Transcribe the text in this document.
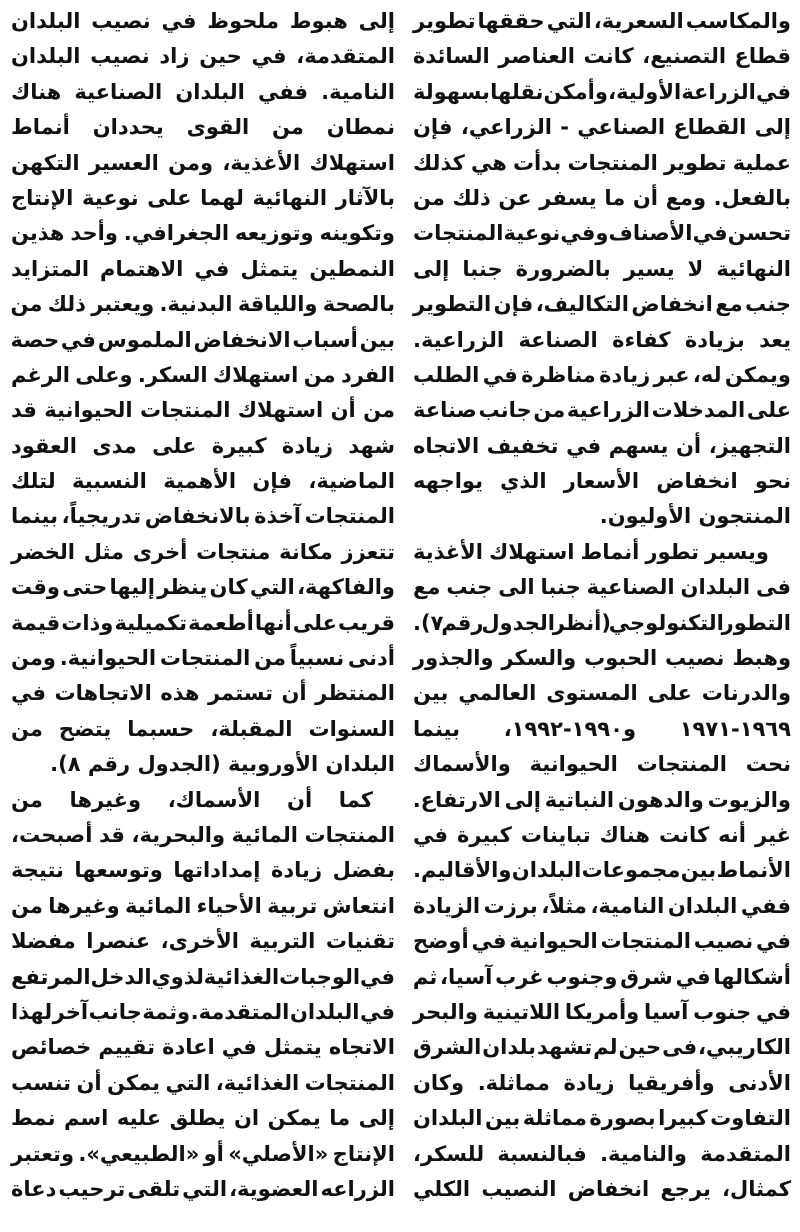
والمكاسب السعرية، التي حققها تطوير
قطاع التصنيع، كانت العناصر السائدة
في الزراعة الأولية، وأمكن نقلها بسهولة
إلى القطاع الصناعي - الزراعي، فإن
عملية تطوير المنتجات بدأت هي كذلك
بالفعل. ومع أن ما يسفر عن ذلك من
تحسن في الأصناف وفي نوعية المنتجات
النهائية لا يسير بالضرورة جنبا إلى
جنب مع انخفاض التكاليف، فإن التطوير
يعد بزيادة كفاءة الصناعة الزراعية.
ويمكن له، عبر زيادة مناظرة في الطلب
على المدخلات الزراعية من جانب صناعة
التجهيز، أن يسهم في تخفيف الاتجاه
نحو انخفاض الأسعار الذي يواجهه
المنتجون الأوليون.
ويسير تطور أنماط استهلاك الأغذية
فى البلدان الصناعية جنبا الى جنب مع
التطور التكنولوجي (أنظر الجدول رقم ٧).
وهبط نصيب الحبوب والسكر والجذور
والدرنات على المستوى العالمي بين
١٩٦٩-١٩٧١ و١٩٩٠-١٩٩٢، بينما
نحت المنتجات الحيوانية والأسماك
والزيوت والدهون النباتية إلى الارتفاع.
غير أنه كانت هناك تباينات كبيرة في
الأنماط بين مجموعات البلدان والأقاليم.
ففي البلدان النامية، مثلاً، برزت الزيادة
في نصيب المنتجات الحيوانية في أوضح
أشكالها في شرق وجنوب غرب آسيا، ثم
في جنوب آسيا وأمريكا اللاتينية والبحر
الكاريبي، فى حين لم تشهد بلدان الشرق
الأدنى وأفريقيا زيادة مماثلة. وكان
التفاوت كبيرا بصورة مماثلة بين البلدان
المتقدمة والنامية. فبالنسبة للسكر،
كمثال، يرجع انخفاض النصيب الكلي
إلى هبوط ملحوظ في نصيب البلدان
المتقدمة، في حين زاد نصيب البلدان
النامية. ففي البلدان الصناعية هناك
نمطان من القوى يحددان أنماط
استهلاك الأغذية، ومن العسير التكهن
بالآثار النهائية لهما على نوعية الإنتاج
وتكوينه وتوزيعه الجغرافي. وأحد هذين
النمطين يتمثل في الاهتمام المتزايد
بالصحة واللياقة البدنية. ويعتبر ذلك من
بين أسباب الانخفاض الملموس في حصة
الفرد من استهلاك السكر. وعلى الرغم
من أن استهلاك المنتجات الحيوانية قد
شهد زيادة كبيرة على مدى العقود
الماضية، فإن الأهمية النسبية لتلك
المنتجات آخذة بالانخفاض تدريجياً، بينما
تتعزز مكانة منتجات أخرى مثل الخضر
والفاكهة، التي كان ينظر إليها حتى وقت
قريب على أنها أطعمة تكميلية وذات قيمة
أدنى نسبياً من المنتجات الحيوانية. ومن
المنتظر أن تستمر هذه الاتجاهات في
السنوات المقبلة، حسبما يتضح من
البلدان الأوروبية (الجدول رقم ٨).
كما أن الأسماك، وغيرها من
المنتجات المائية والبحرية، قد أصبحت،
بفضل زيادة إمداداتها وتوسعها نتيجة
انتعاش تربية الأحياء المائية وغيرها من
تقنيات التربية الأخرى، عنصرا مفضلا
في الوجبات الغذائية لذوي الدخل المرتفع
في البلدان المتقدمة. وثمة جانب آخر لهذا
الاتجاه يتمثل في اعادة تقييم خصائص
المنتجات الغذائية، التي يمكن أن تنسب
إلى ما يمكن ان يطلق عليه اسم نمط
الإنتاج «الأصلي» أو «الطبيعي». وتعتبر
الزراعه العضوية، التي تلقى ترحيب دعاة
